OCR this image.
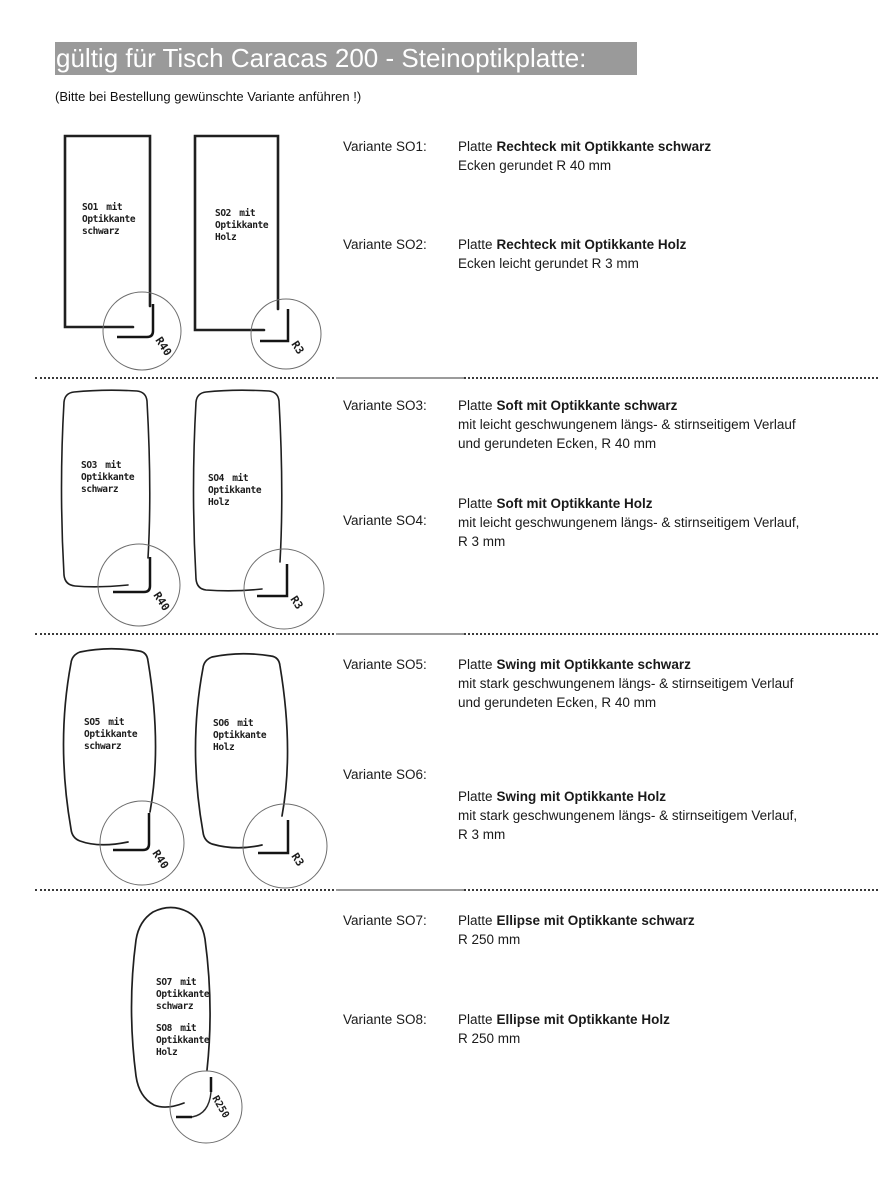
gültig für Tisch Caracas 200 - Steinoptikplatte:
(Bitte bei Bestellung gewünschte Variante anführen !)
R40
SO1 mit
Optikkante
schwarz
R3
SO2 mit
Optikkante
Holz
R40
SO3 mit
Optikkante
schwarz
R3
SO4 mit
Optikkante
Holz
R40
SO5 mit
Optikkante
schwarz
R3
SO6 mit
Optikkante
Holz
R250
SO7 mit
Optikkante
schwarz
SO8 mit
Optikkante
Holz
Variante SO1: Platte Rechteck mit Optikkante schwarz
Ecken gerundet R 40 mm
Variante SO2: Platte Rechteck mit Optikkante Holz
Ecken leicht gerundet R 3 mm
Variante SO3: Platte Soft mit Optikkante schwarz
mit leicht geschwungenem längs- & stirnseitigem Verlauf
und gerundeten Ecken, R 40 mm
Variante SO4:
Platte Soft mit Optikkante Holz
mit leicht geschwungenem längs- & stirnseitigem Verlauf,
R 3 mm
Variante SO5: Platte Swing mit Optikkante schwarz
mit stark geschwungenem längs- & stirnseitigem Verlauf
und gerundeten Ecken, R 40 mm
Variante SO6:
Platte Swing mit Optikkante Holz
mit stark geschwungenem längs- & stirnseitigem Verlauf,
R 3 mm
Variante SO7: Platte Ellipse mit Optikkante schwarz
R 250 mm
Variante SO8: Platte Ellipse mit Optikkante Holz
R 250 mm
